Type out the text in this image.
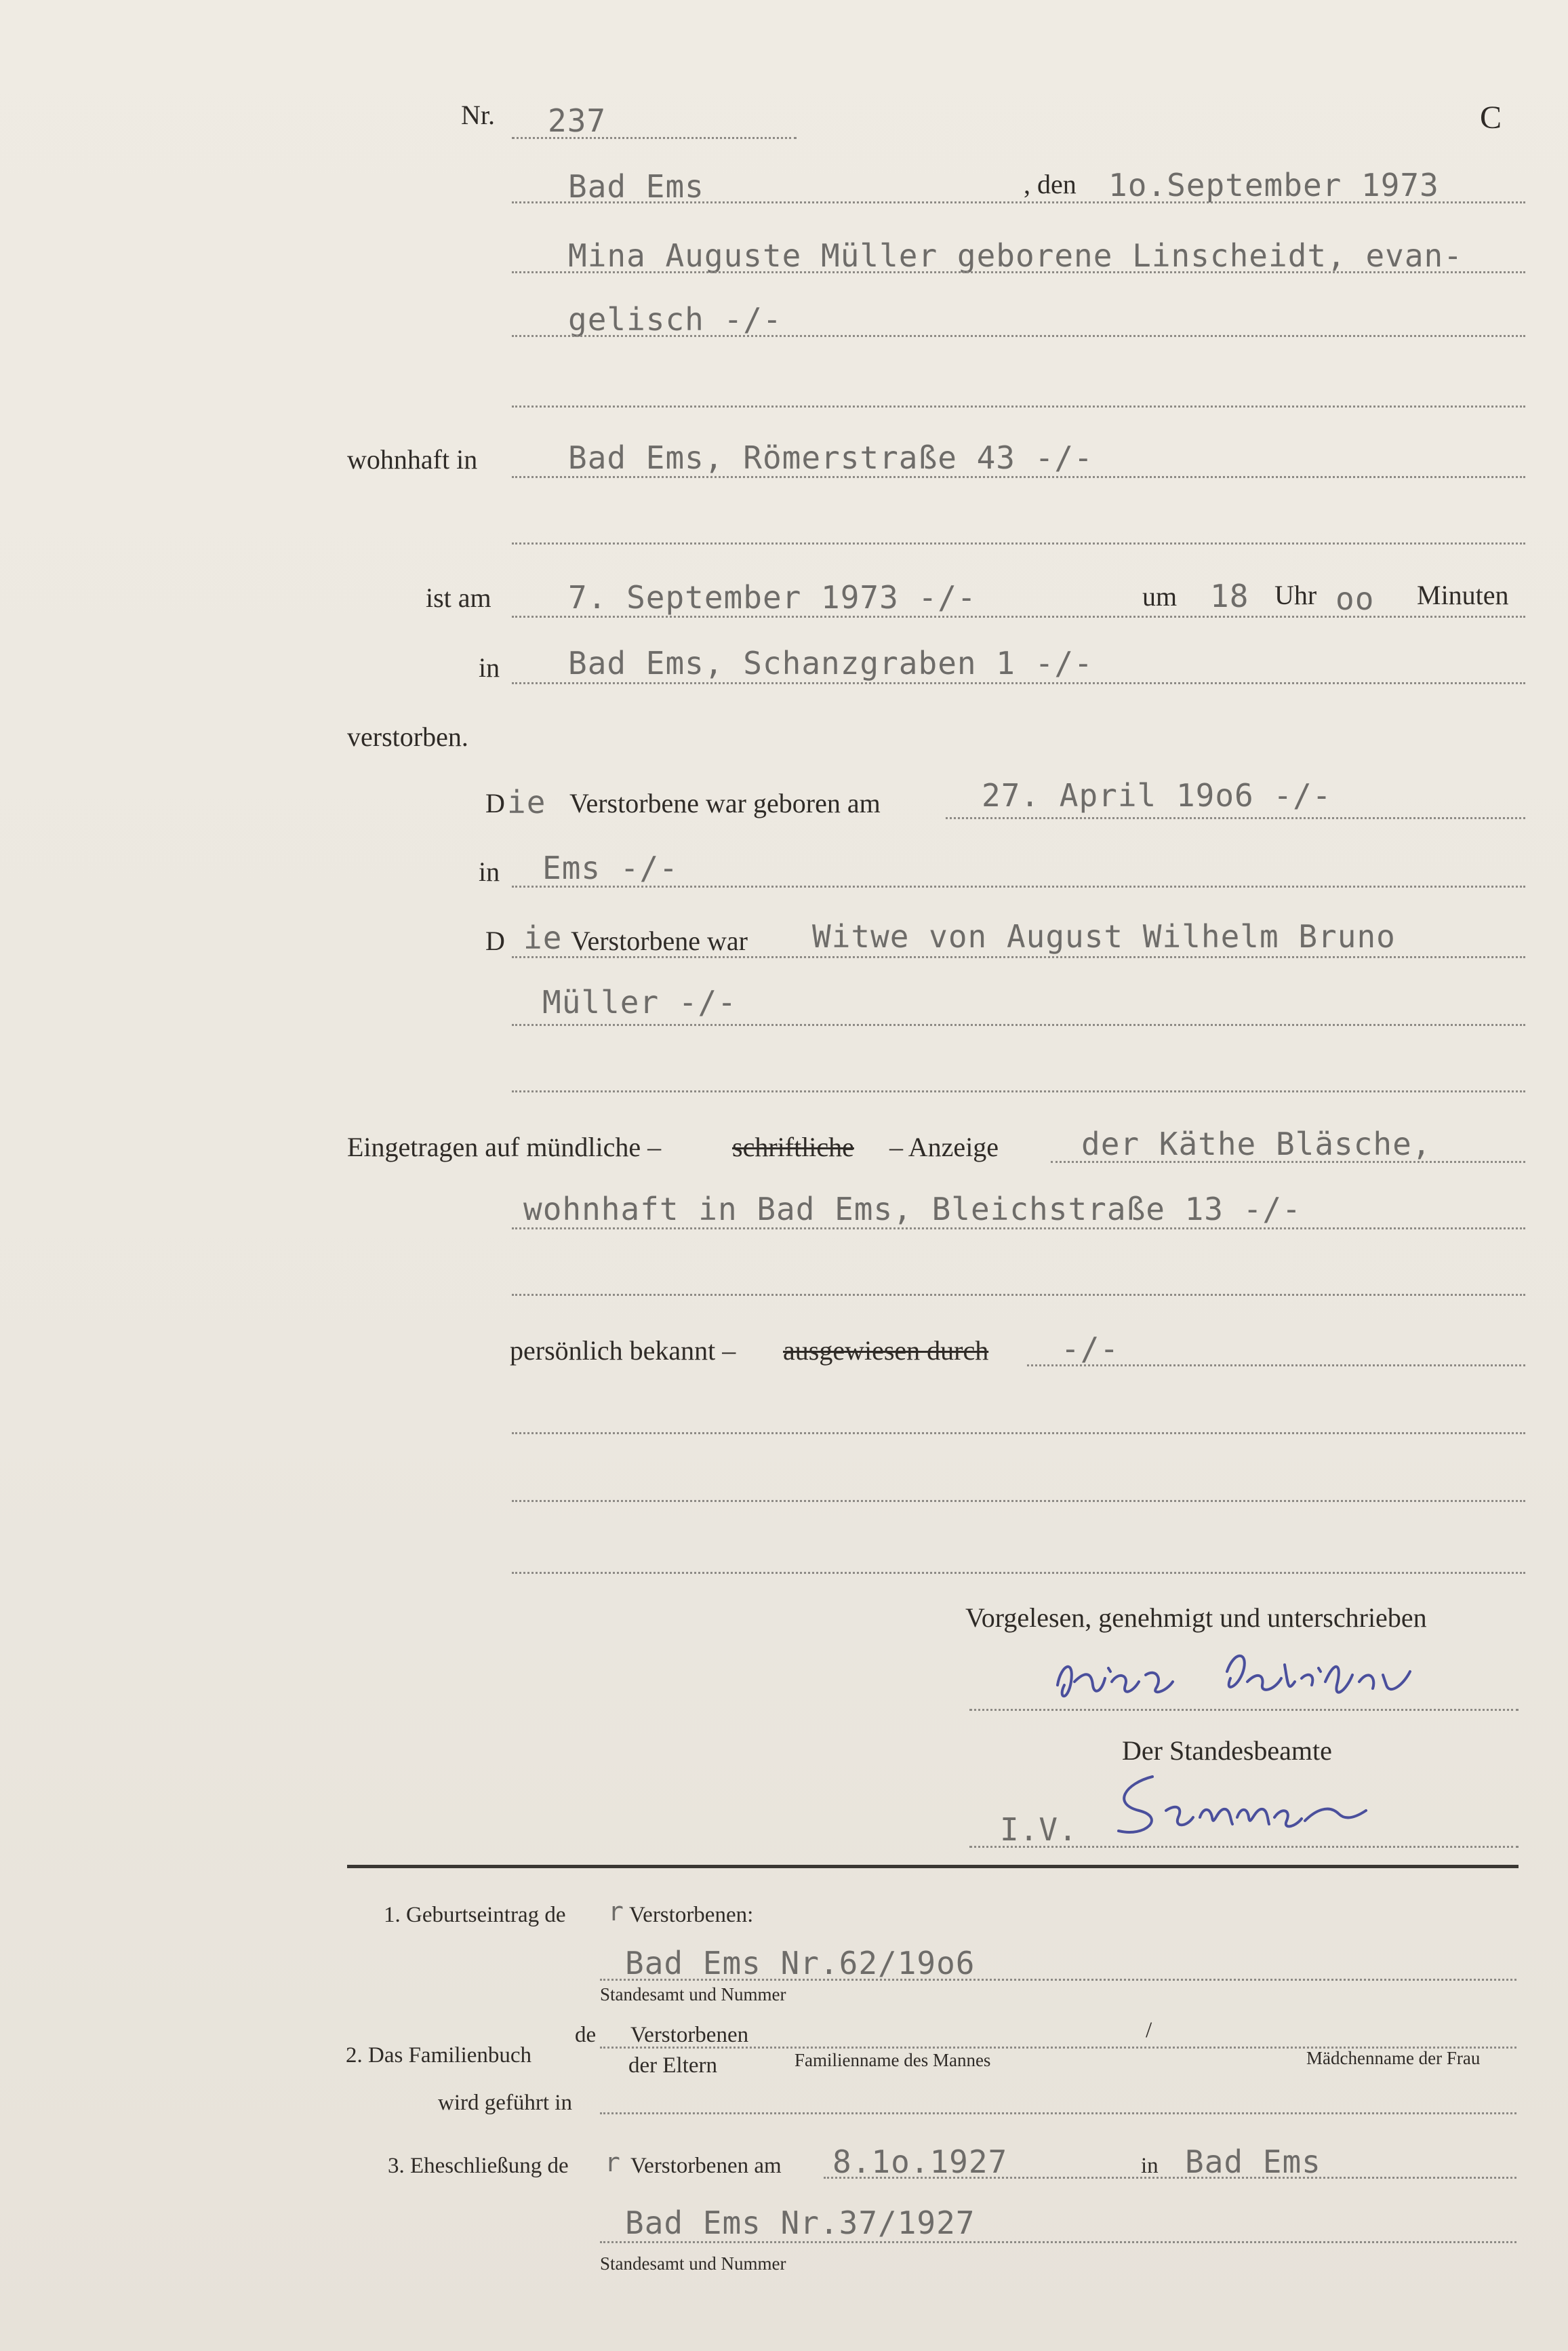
Nr. 237	C
Bad Ems	, den 1o.September 1973
Mina Auguste Müller geborene Linscheidt, evan-
gelisch -/-
wohnhaft in	Bad Ems, Römerstraße 43 -/-
ist am 7. September 1973 -/-	um 18 Uhr oo Minuten
in Bad Ems, Schanzgraben 1 -/-
verstorben.
D ie Verstorbene war geboren am	27. April 19o6 -/-
in Ems -/-
D ie Verstorbene war Witwe von August Wilhelm Bruno
Müller -/-
Eingetragen auf mündliche –	schriftliche – Anzeige	der Käthe Bläsche,
wohnhaft in Bad Ems, Bleichstraße 13 -/-
persönlich bekannt – ausgewiesen durch -/-
Vorgelesen, genehmigt und unterschrieben
Der Standesbeamte
I.V.
1. Geburtseintrag de r Verstorbenen:
Bad Ems Nr.62/19o6
Standesamt und Nummer
2. Das Familienbuch
de Verstorbenen
der Eltern	Familienname des Mannes
/
Mädchenname der Frau
wird geführt in
3. Eheschließung de r Verstorbenen am 8.1o.1927	in Bad Ems
Bad Ems Nr.37/1927
Standesamt und Nummer
